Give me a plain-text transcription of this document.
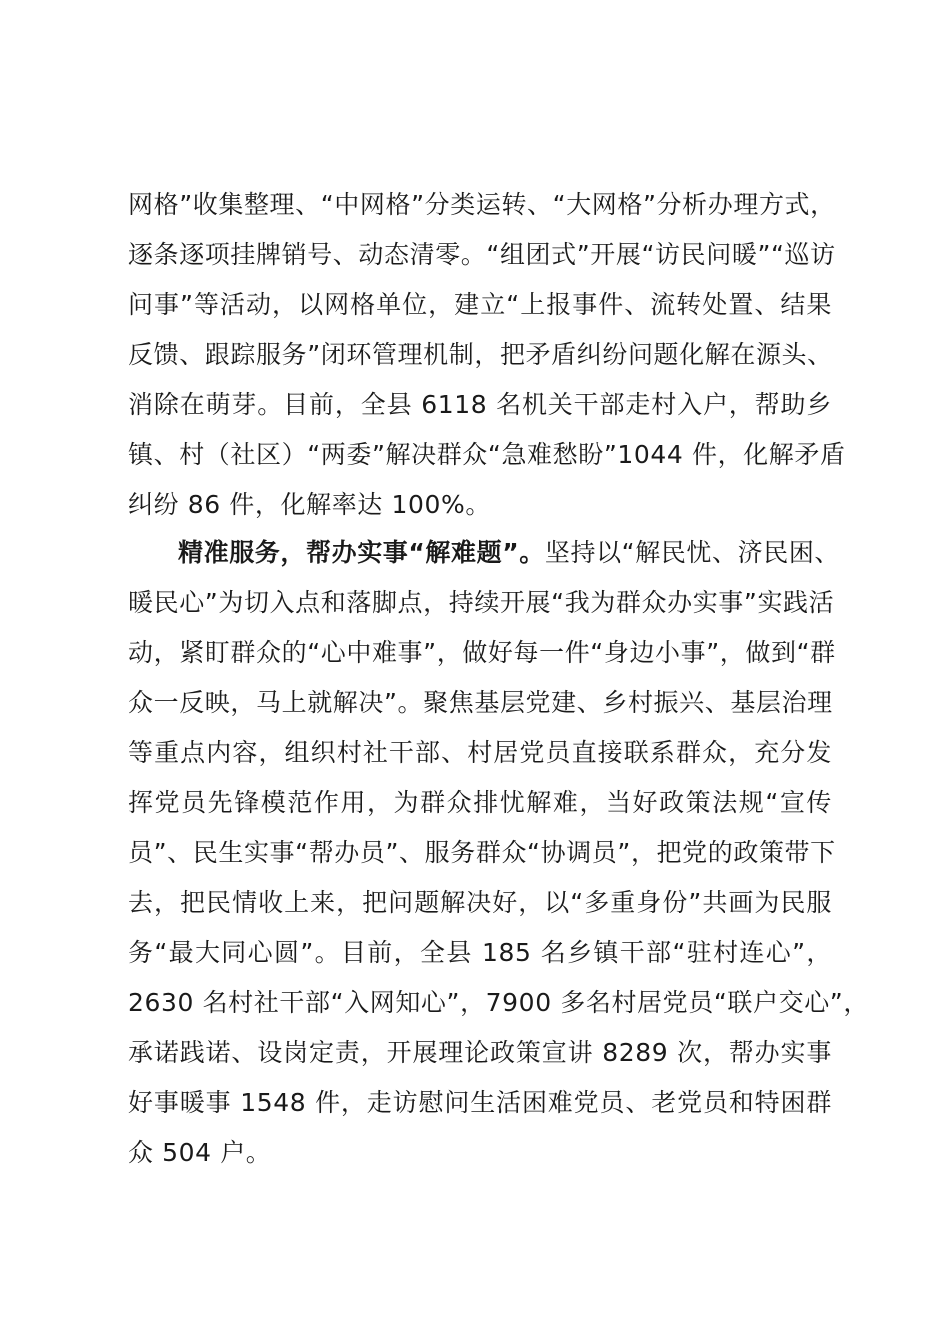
网格”收集整理、“中网格”分类运转、“大网格”分析办理方式，
逐条逐项挂牌销号、动态清零。“组团式”开展“访民问暖”“巡访
问事”等活动，以网格单位，建立“上报事件、流转处置、结果
反馈、跟踪服务”闭环管理机制，把矛盾纠纷问题化解在源头、
消除在萌芽。目前，全县 6118 名机关干部走村入户，帮助乡
镇、村（社区）“两委”解决群众“急难愁盼”1044 件，化解矛盾
纠纷 86 件，化解率达 100%。
精准服务，帮办实事“解难题”。坚持以“解民忧、济民困、
暖民心”为切入点和落脚点，持续开展“我为群众办实事”实践活
动，紧盯群众的“心中难事”，做好每一件“身边小事”，做到“群
众一反映，马上就解决”。聚焦基层党建、乡村振兴、基层治理
等重点内容，组织村社干部、村居党员直接联系群众，充分发
挥党员先锋模范作用，为群众排忧解难，当好政策法规“宣传
员”、民生实事“帮办员”、服务群众“协调员”，把党的政策带下
去，把民情收上来，把问题解决好，以“多重身份”共画为民服
务“最大同心圆”。目前，全县 185 名乡镇干部“驻村连心”，
2630 名村社干部“入网知心”，7900 多名村居党员“联户交心”，
承诺践诺、设岗定责，开展理论政策宣讲 8289 次，帮办实事
好事暖事 1548 件，走访慰问生活困难党员、老党员和特困群
众 504 户。
